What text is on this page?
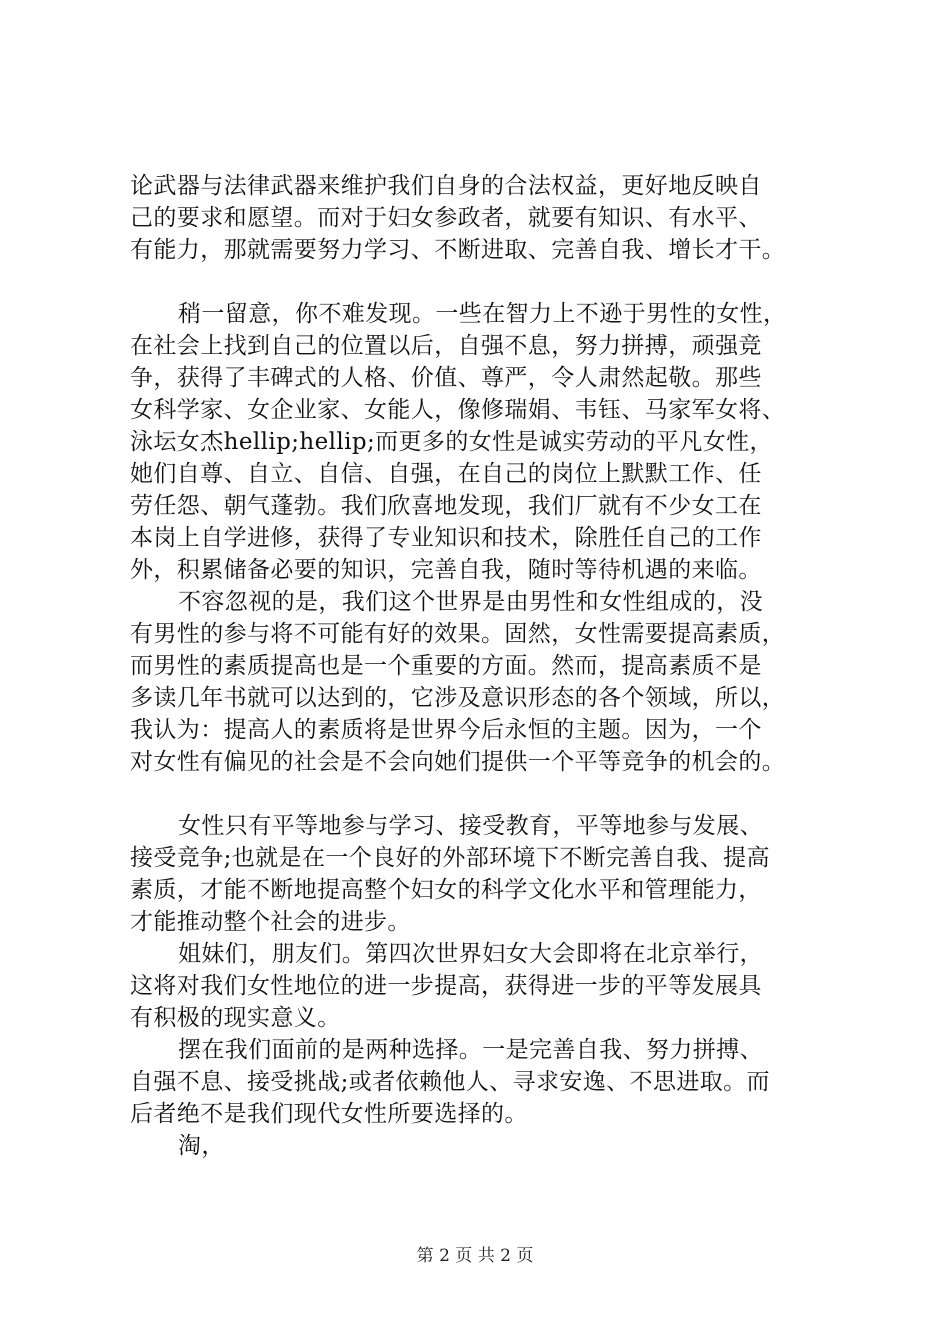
论武器与法律武器来维护我们自身的合法权益，更好地反映自
己的要求和愿望。而对于妇女参政者，就要有知识、有水平、
有能力，那就需要努力学习、不断进取、完善自我、增长才干。
稍一留意，你不难发现。一些在智力上不逊于男性的女性，
在社会上找到自己的位置以后，自强不息，努力拼搏，顽强竞
争，获得了丰碑式的人格、价值、尊严，令人肃然起敬。那些
女科学家、女企业家、女能人，像修瑞娟、韦钰、马家军女将、
泳坛女杰hellip;hellip;而更多的女性是诚实劳动的平凡女性，
她们自尊、自立、自信、自强，在自己的岗位上默默工作、任
劳任怨、朝气蓬勃。我们欣喜地发现，我们厂就有不少女工在
本岗上自学进修，获得了专业知识和技术，除胜任自己的工作
外，积累储备必要的知识，完善自我，随时等待机遇的来临。
不容忽视的是，我们这个世界是由男性和女性组成的，没
有男性的参与将不可能有好的效果。固然，女性需要提高素质，
而男性的素质提高也是一个重要的方面。然而，提高素质不是
多读几年书就可以达到的，它涉及意识形态的各个领域，所以，
我认为：提高人的素质将是世界今后永恒的主题。因为，一个
对女性有偏见的社会是不会向她们提供一个平等竞争的机会的。
女性只有平等地参与学习、接受教育，平等地参与发展、
接受竞争;也就是在一个良好的外部环境下不断完善自我、提高
素质，才能不断地提高整个妇女的科学文化水平和管理能力，
才能推动整个社会的进步。
姐妹们，朋友们。第四次世界妇女大会即将在北京举行，
这将对我们女性地位的进一步提高，获得进一步的平等发展具
有积极的现实意义。
摆在我们面前的是两种选择。一是完善自我、努力拼搏、
自强不息、接受挑战;或者依赖他人、寻求安逸、不思进取。而
后者绝不是我们现代女性所要选择的。
淘，
第 2 页 共 2 页
